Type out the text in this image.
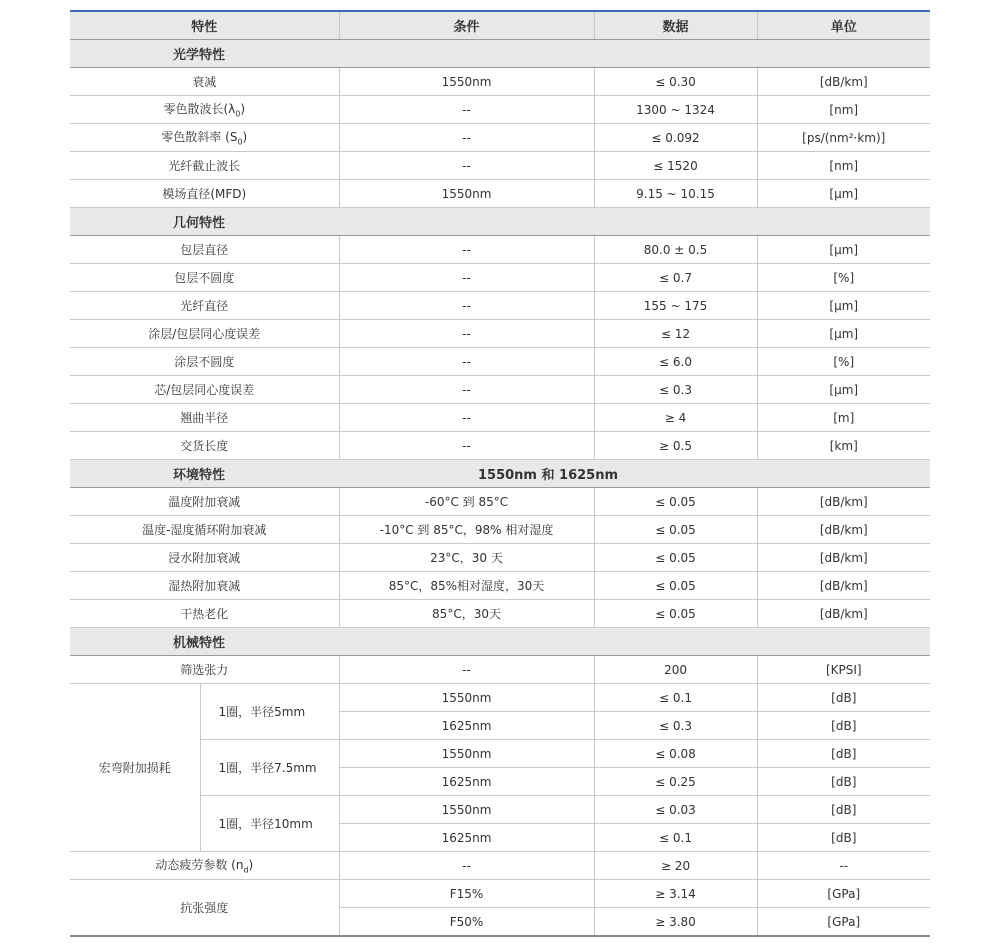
特性		条件	数据	单位
光学特性				
衰减		1550nm	≤ 0.30	[dB/km]
零色散波长$(\lambda_0)$		--	1300 ~ 1324	[nm]
零色散斜率 $(S_0)$		--	≤ 0.092	[ps/(nm²·km)]
光纤截止波长		--	≤ 1520	[nm]
模场直径(MFD)		1550nm	9.15 ~ 10.15	[μm]
几何特性				
包层直径		--	80.0 ± 0.5	[μm]
包层不圆度		--	≤ 0.7	[%]
光纤直径		--	155 ~ 175	[μm]
涂层/包层同心度误差		--	≤ 12	[μm]
涂层不圆度		--	≤ 6.0	[%]
芯/包层同心度误差		--	≤ 0.3	[μm]
翘曲半径		--	≥ 4	[m]
交货长度		--	≥ 0.5	[km]
环境特性		1550nm 和 1625nm		
温度附加衰减		-60°C 到 85°C	≤ 0.05	[dB/km]
温度-湿度循环附加衰减		-10°C 到 85°C，98% 相对湿度	≤ 0.05	[dB/km]
浸水附加衰减		23°C，30 天	≤ 0.05	[dB/km]
湿热附加衰减		85°C，85%相对湿度，30天	≤ 0.05	[dB/km]
干热老化		85°C，30天	≤ 0.05	[dB/km]
机械特性				
筛选张力		--	200	[KPSI]
宏弯附加损耗	1圈，半径5mm	1550nm	≤ 0.1	[dB]
		1625nm	≤ 0.3	[dB]
	1圈，半径7.5mm	1550nm	≤ 0.08	[dB]
		1625nm	≤ 0.25	[dB]
	1圈，半径10mm	1550nm	≤ 0.03	[dB]
		1625nm	≤ 0.1	[dB]
动态疲劳参数 $(n_d)$		--	≥ 20	--
抗张强度		F15%	≥ 3.14	[GPa]
		F50%	≥ 3.80	[GPa]
